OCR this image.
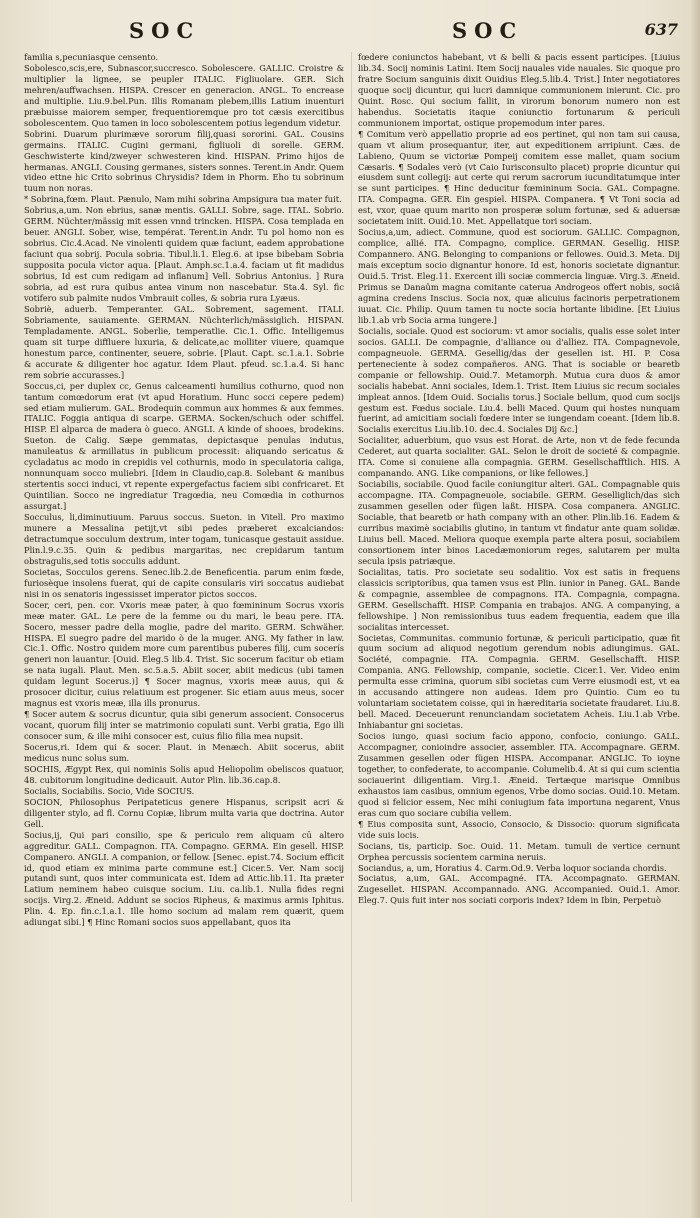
SOC	SOC	637

familia s,pecuniasque censento.

Sobolesco,scis,ere, Subnascor,succresco. Sobolescere. GALLIC. Croistre & multiplier la lignee, se peupler ITALIC. Figliuolare. GER. Sich mehren/auffwachsen. HISPA. Crescer en generacion. ANGL. To encrease and multiplie. Liu.9.bel.Pun. Illis Romanam plebem,illis Latium inuenturi præbuisse maiorem semper, frequentioremque pro tot cæsis exercitibus sobolescentem. Quo tamen in loco sobolescentem potius legendum videtur.

Sobrini. Duarum plurimæve sororum filij,quasi sororini. GAL. Cousins germains. ITALIC. Cugini germani, figliuoli di sorelle. GERM. Geschwisterte kind/zweyer schwesteren kind. HISPAN. Primo hijos de hermanas. ANGLI. Cousing germanes, sisters sonnes. Terent.in Andr. Quem video ettne hic Crito sobrinus Chrysidis? Idem in Phorm. Eho tu sobrinum tuum non noras.

* Sobrina,fœm. Plaut. Pænulo, Nam mihi sobrina Ampsigura tua mater fuit.

Sobrius,a,um. Non ebrius, sanæ mentis. GALLI. Sobre, sage. ITAL. Sobrio. GERM. Nüchter/mässig mit essen vnnd trincken. HISPA. Cosa templada en beuer. ANGLI. Sober, wise, températ. Terent.in Andr. Tu pol homo non es sobrius. Cic.4.Acad. Ne vinolenti quidem quæ faciunt, eadem approbatione faciunt qua sobrij. Pocula sobria. Tibul.li.1. Eleg.6. at ipse bibebam Sobria supposita pocula victor aqua. [Plaut. Amph.sc.1.a.4. faciam ut fit madidus sobrius, Id est cum redigam ad inflanum] Vell. Sobrius Antonius. ] Rura sobria, ad est rura quibus antea vinum non nascebatur. Sta.4. Syl. fic votifero sub palmite nudos Vmbrauit colles, & sobria rura Lyæus.

Sobriè, aduerb. Temperanter. GAL. Sobrement, sagement. ITALI. Sobriamente, sauiamente. GERMAN. Nüchterlich/mässiglich. HISPAN. Templadamente. ANGL. Soberlie, temperatlie. Cic.1. Offic. Intelligemus quam sit turpe diffluere luxuria, & delicate,ac molliter viuere, quamque honestum parce, continenter, seuere, sobrie. [Plaut. Capt. sc.1.a.1. Sobrie & accurate & diligenter hoc agatur. Idem Plaut. pfeud. sc.1.a.4. Si hanc rem sobrie accurasses.]

Soccus,ci, per duplex cc, Genus calceamenti humilius cothurno, quod non tantum comœdorum erat (vt apud Horatium. Hunc socci cepere pedem) sed etiam mulierum. GAL. Brodequin commun aux hommes & aux femmes. ITALIC. Foggia antiqua di scarpe. GERMA. Socken/schuch oder schiffel. HISP. El alparca de madera ò gueco. ANGLI. A kinde of shooes, brodekins. Sueton. de Calig. Sæpe gemmatas, depictasque penulas indutus, manuleatus & armillatus in publicum processit: aliquando sericatus & cycladatus ac modo in crepidis vel cothurnis, modo in speculatoria caliga, nonnunquam socco muliebri. [Idem in Claudio,cap.8. Solebant & manibus stertentis socci induci, vt repente expergefactus faciem sibi confricaret. Et Quintilian. Socco ne ingrediatur Tragœdia, neu Comœdia in cothurnos assurgat.]

Socculus, li,diminutiuum. Paruus soccus. Sueton. in Vitell. Pro maximo munere a Messalina petijt,vt sibi pedes præberet excalciandos: detractumque socculum dextrum, inter togam, tunicasque gestauit assidue. Plin.l.9.c.35. Quin & pedibus margaritas, nec crepidarum tantum obstragulis,sed totis socculis addunt.

Societas, Socculos gerens. Senec.lib.2.de Beneficentia. parum enim fœde, furiosèque insolens fuerat, qui de capite consularis viri soccatus audiebat nisi in os senatoris ingessisset imperator pictos soccos.

Socer, ceri, pen. cor. Vxoris meæ pater, à quo fœmininum Socrus vxoris meæ mater. GAL. Le pere de la femme ou du mari, le beau pere. ITA. Socero, messer padre della moglie, padre del marito. GERM. Schwäher. HISPA. El suegro padre del marido ò de la muger. ANG. My father in law. Cic.1. Offic. Nostro quidem more cum parentibus puberes filij, cum socerís generi non lauantur. [Ouid. Eleg.5 lib.4. Trist. Sic socerum facitur ob etiam se nata iugali. Plaut. Men. sc.5.a.5. Abiit socer, abiit medicus (ubi tamen quidam legunt Socerus.)] ¶ Socer magnus, vxoris meæ auus, qui & prosocer dicitur, cuius relatiuum est progener. Sic etiam auus meus, socer magnus est vxoris meæ, illa ills pronurus.

¶ Socer autem & socrus dicuntur, quia sibi generum associent. Consocerus vocant, quorum filij inter se matrimonio copulati sunt. Verbi gratia, Ego illi consocer sum, & ille mihi consocer est, cuius filio filia mea nupsit.

Socerus,ri. Idem qui & socer. Plaut. in Menæch. Abiit socerus, abiit medicus nunc solus sum.

SOCHIS, Ægypt Rex, qui nominis Solis apud Heliopolim obeliscos quatuor, 48. cubitorum longitudine dedicauit. Autor Plin. lib.36.cap.8.

Socialis, Sociabilis. Socio, Vide SOCIUS.

SOCION, Philosophus Peripateticus genere Hispanus, scripsit acri & diligenter stylo, ad fl. Cornu Copiæ, librum multa varia que doctrina. Autor Gell.

Socius,ij, Qui pari consilio, spe & periculo rem aliquam cū altero aggreditur. GALL. Compagnon. ITA. Compagno. GERMA. Ein gesell. HISP. Companero. ANGLI. A companion, or fellow. [Senec. epist.74. Socium efficit id, quod etiam ex minima parte commune est.] Cicer.5. Ver. Nam socij putandi sunt, quos inter communicata est. Idem ad Attic.lib.11. Ita præter Latium neminem habeo cuisque socium. Liu. ca.lib.1. Nulla fides regni socijs. Virg.2. Æneid. Addunt se socios Ripheus, & maximus armis Iphitus. Plin. 4. Ep. fin.c.1.a.1. Ille homo socium ad malam rem quærit, quem adiungat sibi.] ¶ Hinc Romani socios suos appellabant, quos ita

fœdere coniunctos habebant, vt & belli & pacis essent participes. [Liuius lib.34. Socij nominis Latini. Item Socij nauales vide nauales. Sic quoque pro fratre Socium sanguinis dixit Ouidius Eleg.5.lib.4. Trist.] Inter negotiatores quoque socij dicuntur, qui lucri damnique communionem inierunt. Cic. pro Quint. Rosc. Qui socium fallit, in virorum bonorum numero non est habendus. Societatis itaque coniunctio fortunarum & periculi communionem importat, ostique propemodum inter pares.

¶ Comitum verò appellatio proprie ad eos pertinet, qui non tam sui causa, quam vt alium prosequantur, iter, aut expeditionem arripiunt. Cæs. de Labieno, Quum se victoriæ Pompeij comitem esse mallet, quam socium Cæsaris. ¶ Sodales verò (vt Caio Iurisconsulto placet) proprie dicuntur qui eiusdem sunt collegij: aut certe qui rerum sacrorum iucunditatumque inter se sunt participes. ¶ Hinc deducitur fœmininum Socia. GAL. Compagne. ITA. Compagna. GER. Ein gespiel. HISPA. Companera. ¶ Vt Toni socia ad est, vxor, quae quum marito non prosperæ solum fortunæ, sed & aduersæ societatem iniit. Ouid.10. Met. Appellatque tori sociam.

Socius,a,um, adiect. Commune, quod est sociorum. GALLIC. Compagnon, complice, allié. ITA. Compagno, complice. GERMAN. Gesellig. HISP. Compannero. ANG. Belonging to companions or fellowes. Ouid.3. Meta. Dij mais exceptum socio dignantur honore. Id est, honoris societate dignantur. Ouid.5. Trist. Eleg.11. Exercent illi sociæ commercia linguæ. Virg.3. Æneid. Primus se Danaûm magna comitante caterua Androgeos offert nobis, sociâ agmina credens Inscius. Socia nox, quæ alicuius facinoris perpetrationem iuuat. Cic. Philip. Quum tamen tu nocte socia hortante libidine. [Et Liuius lib.1.ab vrb Socia arma iungere.]

Socialis, sociale. Quod est sociorum: vt amor socialis, qualis esse solet inter socios. GALLI. De compagnie, d'alliance ou d'alliez. ITA. Compagnevole, compagneuole. GERMA. Gesellig/das der gesellen ist. HI. P. Cosa perteneciente à sodez compañeros. ANG. That is sociable or bearetb companie or fellowship. Ouid.7. Metamorph. Mutua cura duos & amor socialis habebat. Anni sociales, Idem.1. Trist. Item Liuius sic recum sociales impleat annos. [Idem Ouid. Socialis torus.] Sociale bellum, quod cum socijs gestum est. Fœdus sociale. Liu.4. belli Maced. Quum qui hostes nunquam fuerint, ad amicitiam sociali fœdere inter se iungendam coeant. [Idem lib.8. Socialis exercitus Liu.lib.10. dec.4. Sociales Dij &c.]

Socialiter, aduerbium, quo vsus est Horat. de Arte, non vt de fede fecunda Cederet, aut quarta socialiter. GAL. Selon le droit de societé & compagnie. ITA. Come si conuiene alla compagnia. GERM. Gesellschafftlich. HIS. A companando. ANG. Like companions, or like fellowes.]

Sociabilis, sociabile. Quod facile coniungitur alteri. GAL. Compagnable quis accompagne. ITA. Compagneuole, sociabile. GERM. Geselliglich/das sich zusammen gesellen oder fügen laßt. HISPA. Cosa companera. ANGLIC. Sociable, that bearetb or hath company with an other. Plin.lib.16. Eadem & curribus maximè sociabilis glutino, in tantum vt findatur ante quam solidæ. Liuius bell. Maced. Meliora quoque exempla parte altera posui, sociabilem consortionem inter binos Lacedæmoniorum reges, salutarem per multa secula ipsis patriæque.

Socialitas, tatis. Pro societate seu sodalitio. Vox est satis in frequens classicis scriptoribus, qua tamen vsus est Plin. iunior in Paneg. GAL. Bande & compagnie, assemblee de compagnons. ITA. Compagnia, compagna. GERM. Gesellschafft. HISP. Compania en trabajos. ANG. A companying, a fellowshipe. ] Non remissionibus tuus eadem frequentia, eadem que illa socialitas intercesset.

Societas, Communitas. communio fortunæ, & periculi participatio, quæ fit quum socium ad aliquod negotium gerendum nobis adiungimus. GAL. Société, compagnie. ITA. Compagnia. GERM. Gesellschafft. HISP. Compania. ANG. Fellowship, companie, societie. Cicer.1. Ver. Video enim permulta esse crimina, quorum sibi societas cum Verre eiusmodi est, vt ea in accusando attingere non audeas. Idem pro Quintio. Cum eo tu voluntariam societatem coisse, qui in hæreditaria societate fraudaret. Liu.8. bell. Maced. Deceuerunt renunciandam societatem Acheis. Liu.1.ab Vrbe. Inhiabantur gni societas.

Socios iungo, quasi socium facio appono, confocio, coniungo. GALL. Accompagner, conioindre associer, assembler. ITA. Accompagnare. GERM. Zusammen gesellen oder fügen HISPA. Accompanar. ANGLIC. To ioyne together, to confederate, to accompanie. Columelib.4. At si qui cum scientia sociauerint diligentiam. Virg.1. Æneid. Tertæque marisque Omnibus exhaustos iam casibus, omnium egenos, Vrbe domo socias. Ouid.10. Metam. quod si felicior essem, Nec mihi coniugium fata importuna negarent, Vnus eras cum quo sociare cubilia vellem.

¶ Eius composita sunt, Associo, Consocio, & Dissocio: quorum significata vide suis locis.

Socians, tis, particip. Soc. Ouid. 11. Metam. tumuli de vertice cernunt Orphea percussis socientem carmina neruis.

Sociandus, a, um, Horatius 4. Carm.Od.9. Verba loquor socianda chordis.

Sociatus, a,um, GAL. Accompagné. ITA. Accompagnato. GERMAN. Zugesellet. HISPAN. Accompannado. ANG. Accompanied. Ouid.1. Amor. Eleg.7. Quis fuit inter nos sociati corporis index? Idem in Ibin, Perpetuò
